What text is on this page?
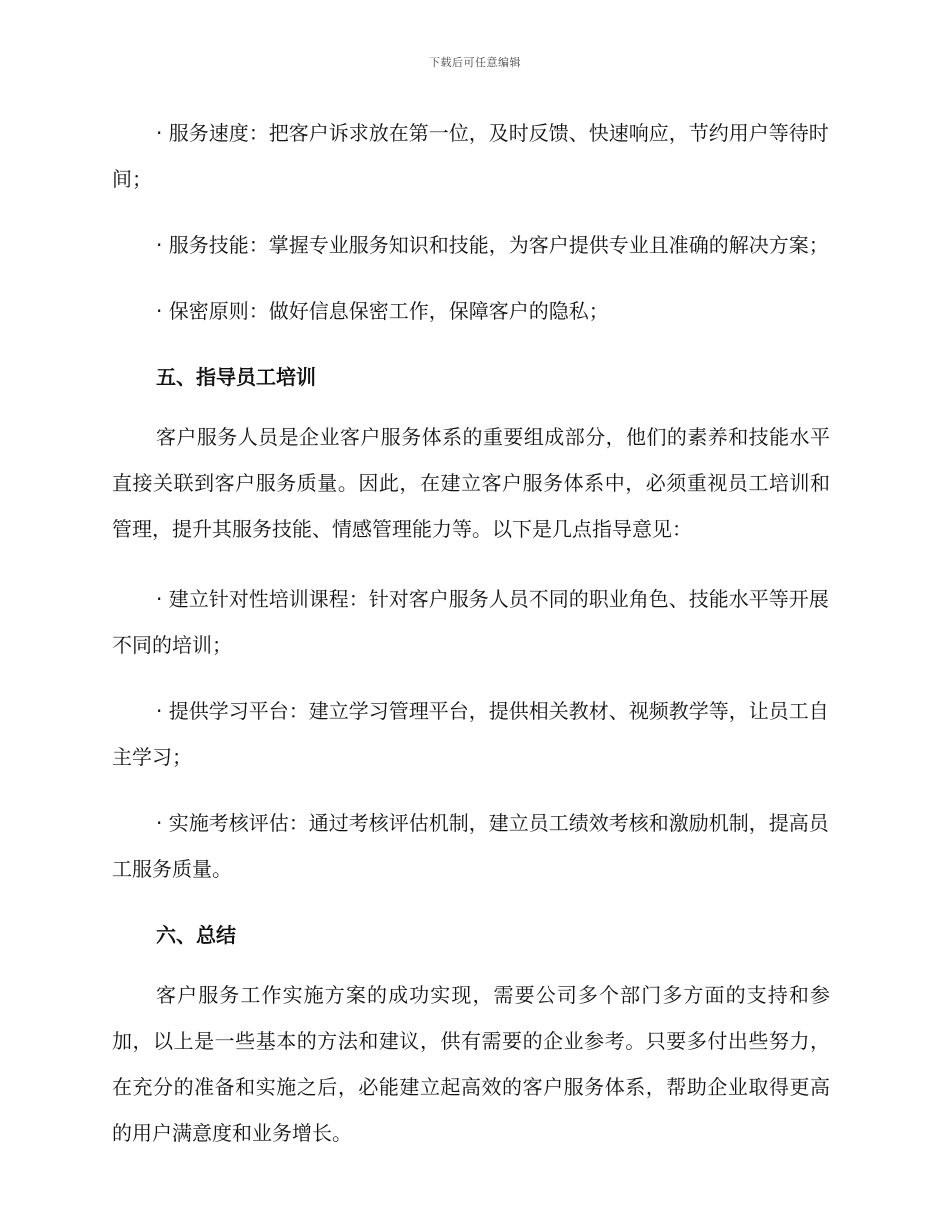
下载后可任意编辑

· 服务速度：把客户诉求放在第一位，及时反馈、快速响应，节约用户等待时间；

· 服务技能：掌握专业服务知识和技能，为客户提供专业且准确的解决方案；

· 保密原则：做好信息保密工作，保障客户的隐私；

五、指导员工培训

客户服务人员是企业客户服务体系的重要组成部分，他们的素养和技能水平直接关联到客户服务质量。因此，在建立客户服务体系中，必须重视员工培训和管理，提升其服务技能、情感管理能力等。以下是几点指导意见：

· 建立针对性培训课程：针对客户服务人员不同的职业角色、技能水平等开展不同的培训；

· 提供学习平台：建立学习管理平台，提供相关教材、视频教学等，让员工自主学习；

· 实施考核评估：通过考核评估机制，建立员工绩效考核和激励机制，提高员工服务质量。

六、总结

客户服务工作实施方案的成功实现，需要公司多个部门多方面的支持和参加，以上是一些基本的方法和建议，供有需要的企业参考。只要多付出些努力，在充分的准备和实施之后，必能建立起高效的客户服务体系，帮助企业取得更高的用户满意度和业务增长。
